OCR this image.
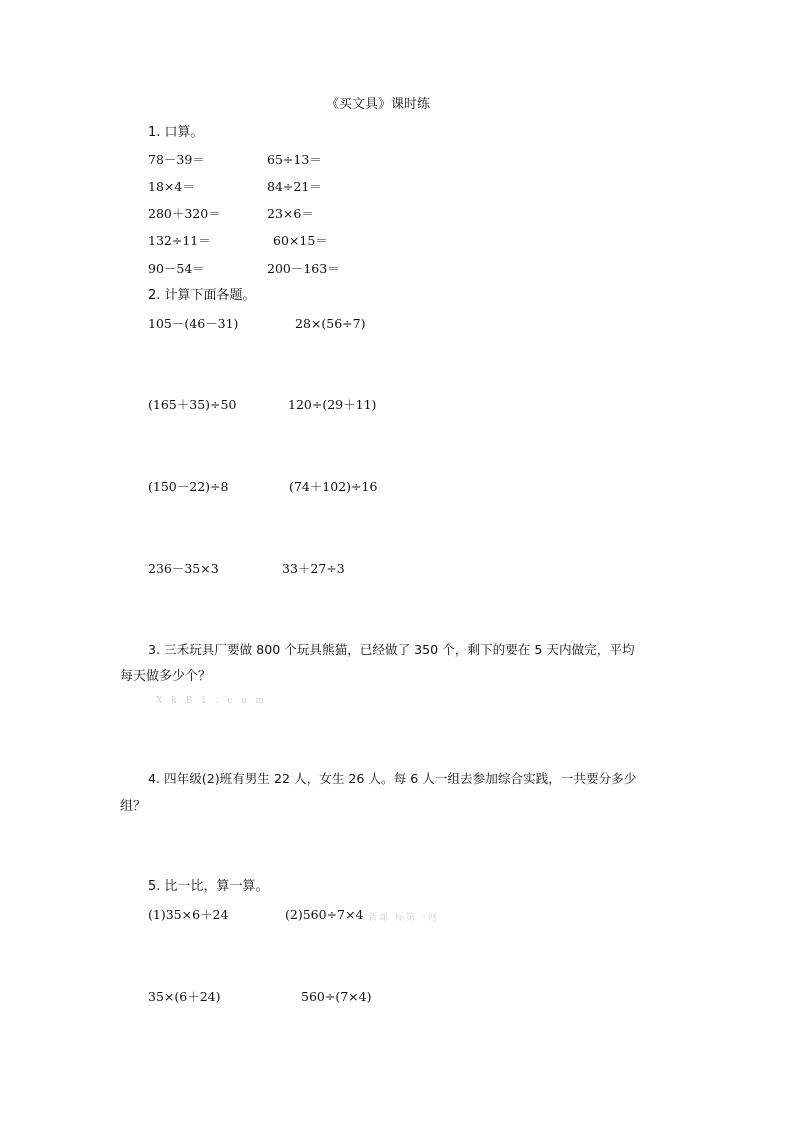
《买文具》课时练
1. 口算。
78－39＝	65÷13＝
18×4＝	84÷21＝
280＋320＝	23×6＝
132÷11＝	60×15＝
90－54＝	200－163＝
2. 计算下面各题。
105－(46－31)	28×(56÷7)
(165＋35)÷50	120÷(29＋11)
(150－22)÷8	(74＋102)÷16
236－35×3	33＋27÷3
3. 三禾玩具厂要做 800 个玩具熊猫，已经做了 350 个，剩下的要在 5 天内做完，平均
每天做多少个？
X k B 1 . c o m
4. 四年级(2)班有男生 22 人，女生 26 人。每 6 人一组去参加综合实践，一共要分多少
组？
5. 比一比，算一算。
(1)35×6＋24	(2)560÷7×4 新课 标第一网
35×(6＋24)	560÷(7×4)
